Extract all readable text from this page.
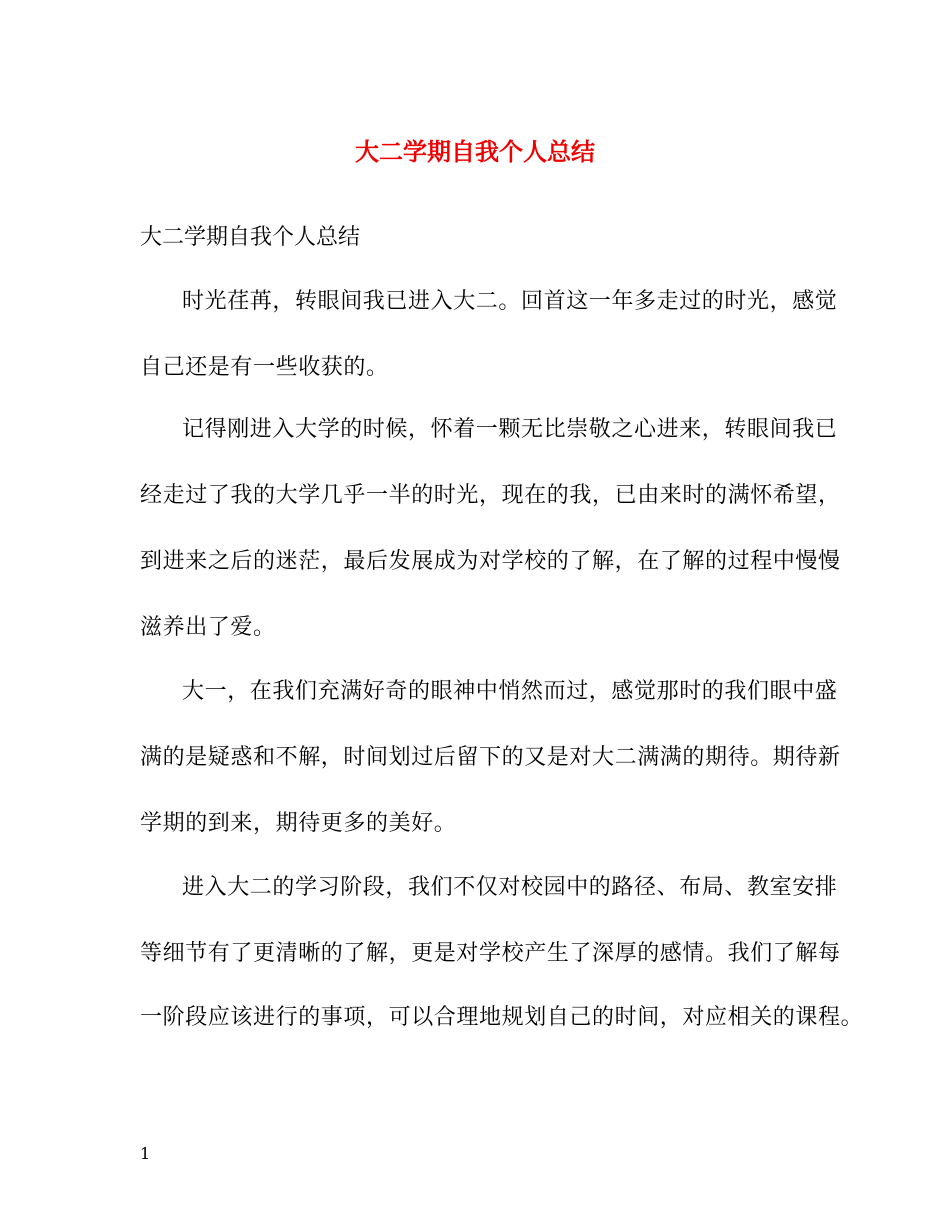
大二学期自我个人总结
大二学期自我个人总结
时光荏苒，转眼间我已进入大二。回首这一年多走过的时光，感觉
自己还是有一些收获的。
记得刚进入大学的时候，怀着一颗无比崇敬之心进来，转眼间我已
经走过了我的大学几乎一半的时光，现在的我，已由来时的满怀希望，
到进来之后的迷茫，最后发展成为对学校的了解，在了解的过程中慢慢
滋养出了爱。
大一，在我们充满好奇的眼神中悄然而过，感觉那时的我们眼中盛
满的是疑惑和不解，时间划过后留下的又是对大二满满的期待。期待新
学期的到来，期待更多的美好。
进入大二的学习阶段，我们不仅对校园中的路径、布局、教室安排
等细节有了更清晰的了解，更是对学校产生了深厚的感情。我们了解每
一阶段应该进行的事项，可以合理地规划自己的时间，对应相关的课程。
1
